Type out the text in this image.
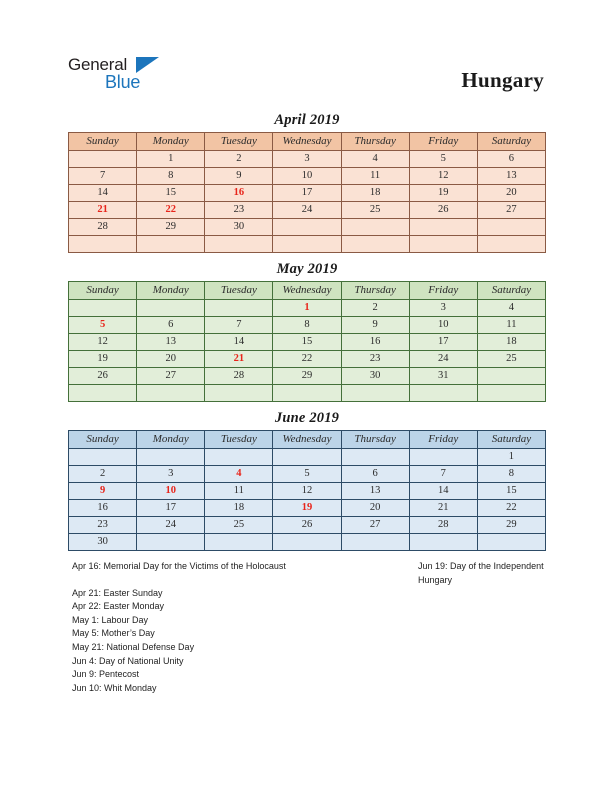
General
Blue	Hungary
April 2019
Sunday	Monday	Tuesday	Wednesday	Thursday	Friday	Saturday
	1	2	3	4	5	6
7	8	9	10	11	12	13
14	15	16	17	18	19	20
21	22	23	24	25	26	27
28	29	30				

May 2019
Sunday	Monday	Tuesday	Wednesday	Thursday	Friday	Saturday
			1	2	3	4
5	6	7	8	9	10	11
12	13	14	15	16	17	18
19	20	21	22	23	24	25
26	27	28	29	30	31	

June 2019
Sunday	Monday	Tuesday	Wednesday	Thursday	Friday	Saturday
						1
2	3	4	5	6	7	8
9	10	11	12	13	14	15
16	17	18	19	20	21	22
23	24	25	26	27	28	29
30						
Apr 16: Memorial Day for the Victims of the Holocaust
Apr 21: Easter Sunday
Apr 22: Easter Monday
May 1: Labour Day
May 5: Mother’s Day
May 21: National Defense Day
Jun 4: Day of National Unity
Jun 9: Pentecost
Jun 10: Whit Monday
Jun 19: Day of the Independent Hungary
